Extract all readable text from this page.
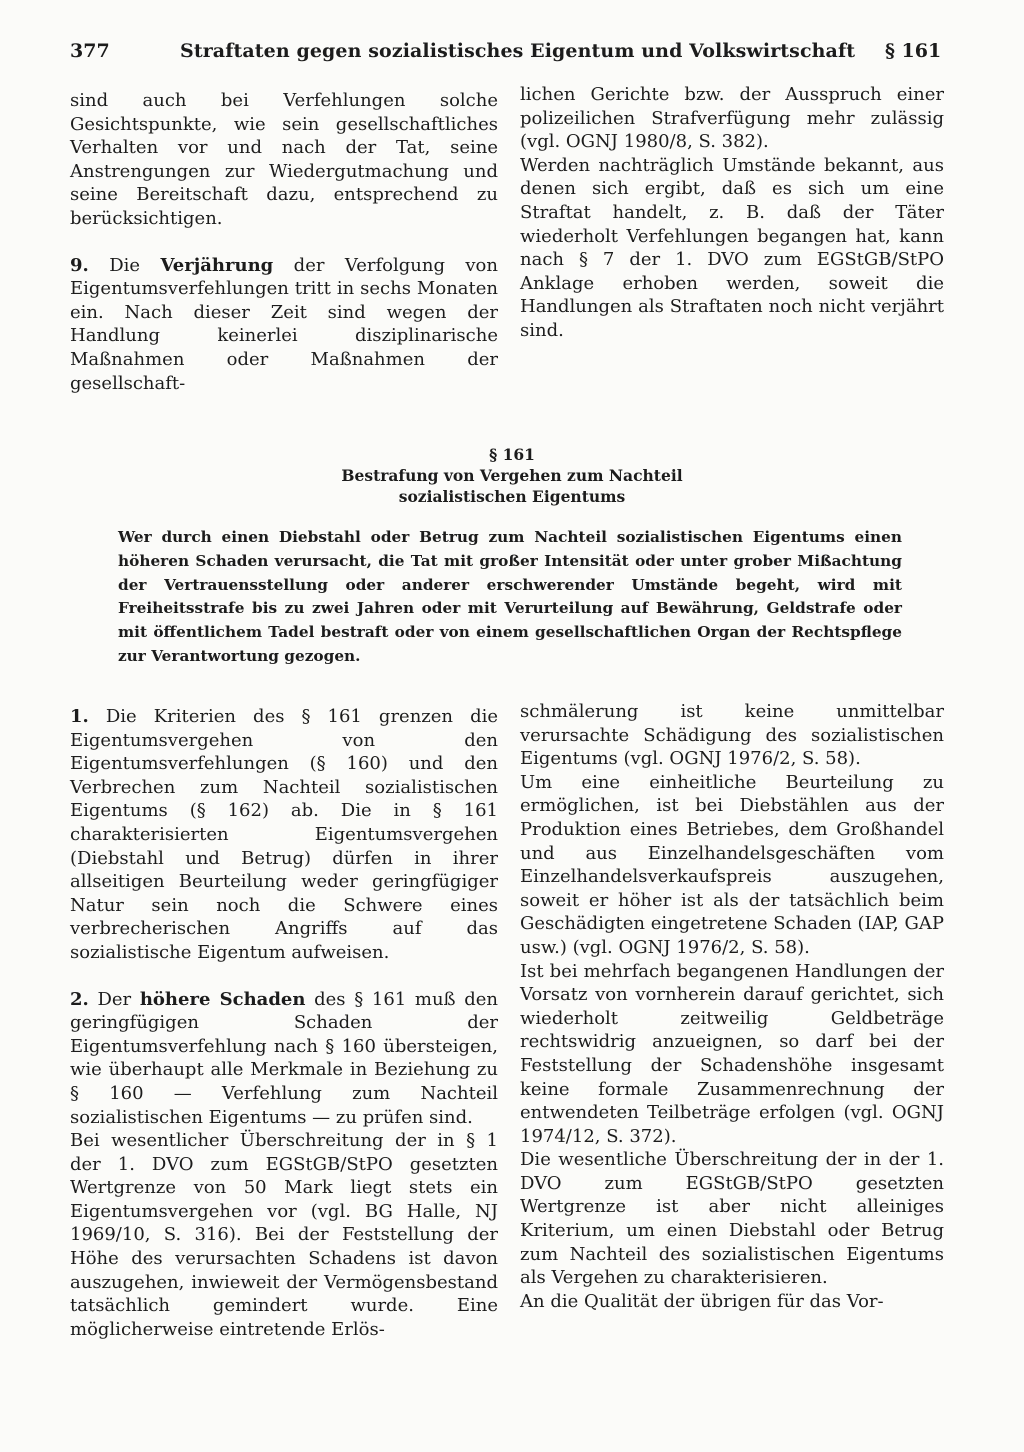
377	Straftaten gegen sozialistisches Eigentum und Volkswirtschaft § 161

sind auch bei Verfehlungen solche Gesichtspunkte, wie sein gesellschaftliches Verhalten vor und nach der Tat, seine Anstrengungen zur Wiedergutmachung und seine Bereitschaft dazu, entsprechend zu berücksichtigen.

9. Die Verjährung der Verfolgung von Eigentumsverfehlungen tritt in sechs Monaten ein. Nach dieser Zeit sind wegen der Handlung keinerlei disziplinarische Maßnahmen oder Maßnahmen der gesellschaft-

lichen Gerichte bzw. der Ausspruch einer polizeilichen Strafverfügung mehr zulässig (vgl. OGNJ 1980/8, S. 382).

Werden nachträglich Umstände bekannt, aus denen sich ergibt, daß es sich um eine Straftat handelt, z. B. daß der Täter wiederholt Verfehlungen begangen hat, kann nach § 7 der 1. DVO zum EGStGB/StPO Anklage erhoben werden, soweit die Handlungen als Straftaten noch nicht verjährt sind.

§ 161
Bestrafung von Vergehen zum Nachteil
sozialistischen Eigentums
Wer durch einen Diebstahl oder Betrug zum Nachteil sozialistischen Eigentums einen höheren Schaden verursacht, die Tat mit großer Intensität oder unter grober Mißachtung der Vertrauensstellung oder anderer erschwerender Umstände begeht, wird mit Freiheitsstrafe bis zu zwei Jahren oder mit Verurteilung auf Bewährung, Geldstrafe oder mit öffentlichem Tadel bestraft oder von einem gesellschaftlichen Organ der Rechtspflege zur Verantwortung gezogen.

1. Die Kriterien des § 161 grenzen die Eigentumsvergehen von den Eigentumsverfehlungen (§ 160) und den Verbrechen zum Nachteil sozialistischen Eigentums (§ 162) ab. Die in § 161 charakterisierten Eigentumsvergehen (Diebstahl und Betrug) dürfen in ihrer allseitigen Beurteilung weder geringfügiger Natur sein noch die Schwere eines verbrecherischen Angriffs auf das sozialistische Eigentum aufweisen.

2. Der höhere Schaden des § 161 muß den geringfügigen Schaden der Eigentumsverfehlung nach § 160 übersteigen, wie überhaupt alle Merkmale in Beziehung zu § 160 — Verfehlung zum Nachteil sozialistischen Eigentums — zu prüfen sind.

Bei wesentlicher Überschreitung der in § 1 der 1. DVO zum EGStGB/StPO gesetzten Wertgrenze von 50 Mark liegt stets ein Eigentumsvergehen vor (vgl. BG Halle, NJ 1969/10, S. 316). Bei der Feststellung der Höhe des verursachten Schadens ist davon auszugehen, inwieweit der Vermögensbestand tatsächlich gemindert wurde. Eine möglicherweise eintretende Erlös-

schmälerung ist keine unmittelbar verursachte Schädigung des sozialistischen Eigentums (vgl. OGNJ 1976/2, S. 58).

Um eine einheitliche Beurteilung zu ermöglichen, ist bei Diebstählen aus der Produktion eines Betriebes, dem Großhandel und aus Einzelhandelsgeschäften vom Einzelhandelsverkaufspreis auszugehen, soweit er höher ist als der tatsächlich beim Geschädigten eingetretene Schaden (IAP, GAP usw.) (vgl. OGNJ 1976/2, S. 58).

Ist bei mehrfach begangenen Handlungen der Vorsatz von vornherein darauf gerichtet, sich wiederholt zeitweilig Geldbeträge rechtswidrig anzueignen, so darf bei der Feststellung der Schadenshöhe insgesamt keine formale Zusammenrechnung der entwendeten Teilbeträge erfolgen (vgl. OGNJ 1974/12, S. 372).

Die wesentliche Überschreitung der in der 1. DVO zum EGStGB/StPO gesetzten Wertgrenze ist aber nicht alleiniges Kriterium, um einen Diebstahl oder Betrug zum Nachteil des sozialistischen Eigentums als Vergehen zu charakterisieren.

An die Qualität der übrigen für das Vor-
